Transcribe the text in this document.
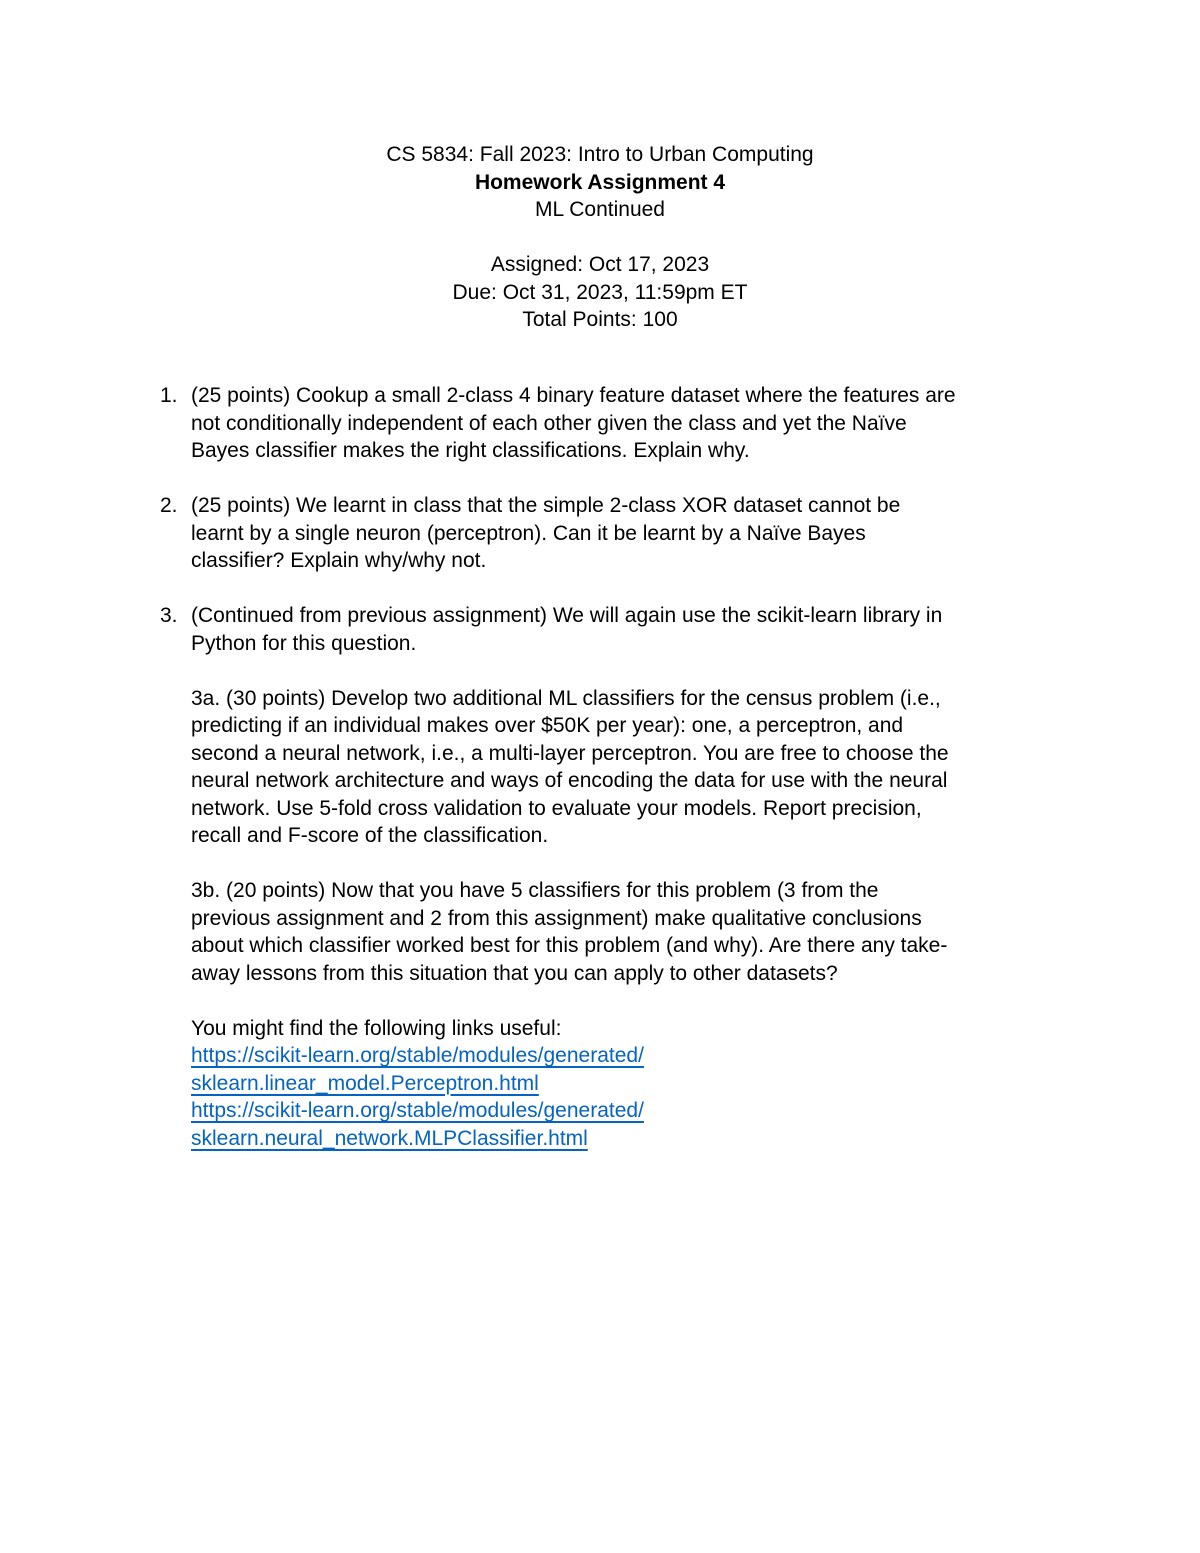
CS 5834: Fall 2023: Intro to Urban Computing
Homework Assignment 4
ML Continued
Assigned: Oct 17, 2023
Due: Oct 31, 2023, 11:59pm ET
Total Points: 100
1. (25 points) Cookup a small 2-class 4 binary feature dataset where the features are
not conditionally independent of each other given the class and yet the Naïve
Bayes classifier makes the right classifications. Explain why.
2. (25 points) We learnt in class that the simple 2-class XOR dataset cannot be
learnt by a single neuron (perceptron). Can it be learnt by a Naïve Bayes
classifier? Explain why/why not.
3. (Continued from previous assignment) We will again use the scikit-learn library in
Python for this question.
3a. (30 points) Develop two additional ML classifiers for the census problem (i.e.,
predicting if an individual makes over $50K per year): one, a perceptron, and
second a neural network, i.e., a multi-layer perceptron. You are free to choose the
neural network architecture and ways of encoding the data for use with the neural
network. Use 5-fold cross validation to evaluate your models. Report precision,
recall and F-score of the classification.
3b. (20 points) Now that you have 5 classifiers for this problem (3 from the
previous assignment and 2 from this assignment) make qualitative conclusions
about which classifier worked best for this problem (and why). Are there any take-
away lessons from this situation that you can apply to other datasets?
You might find the following links useful:
https://scikit-learn.org/stable/modules/generated/
sklearn.linear_model.Perceptron.html
https://scikit-learn.org/stable/modules/generated/
sklearn.neural_network.MLPClassifier.html
